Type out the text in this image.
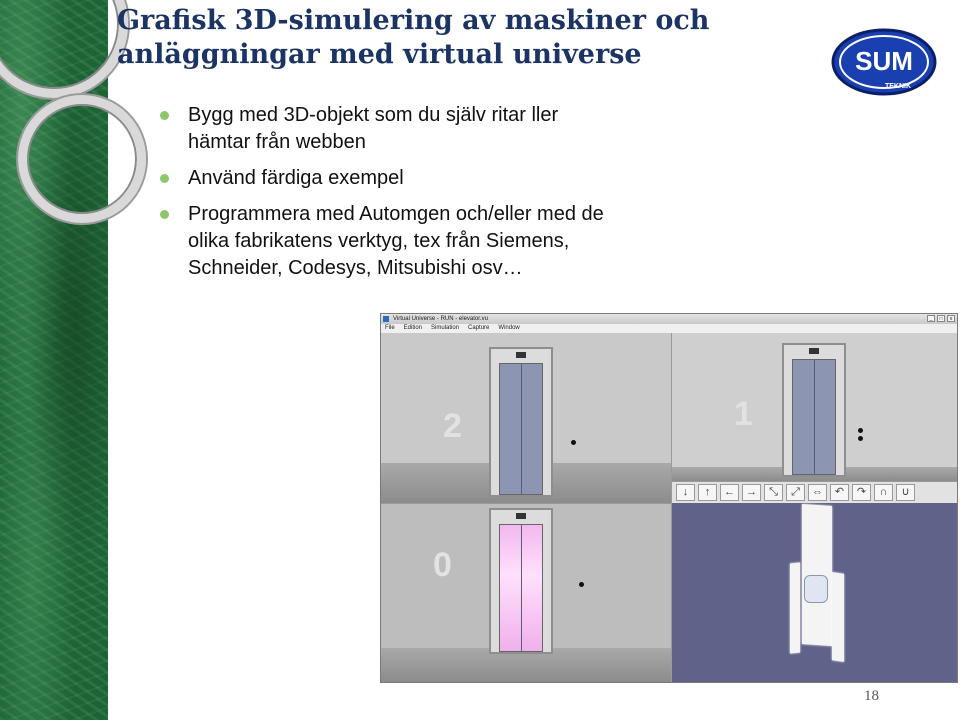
Grafisk 3D-simulering av maskiner och anläggningar med virtual universe	SUM
TEKNIK
Bygg med 3D-objekt som du själv ritar ller hämtar från webben
Använd färdiga exempel
Programmera med Automgen och/eller med de olika fabrikatens verktyg, tex från Siemens, Schneider, Codesys, Mitsubishi osv…
Virtual Universe - RUN - elevator.vu	_	□	x
File Edition Simulation Capture Window
2	1
↓	↑	←	→	⤡	⤢	⇔	↶	↷	∩	∪
0
18
